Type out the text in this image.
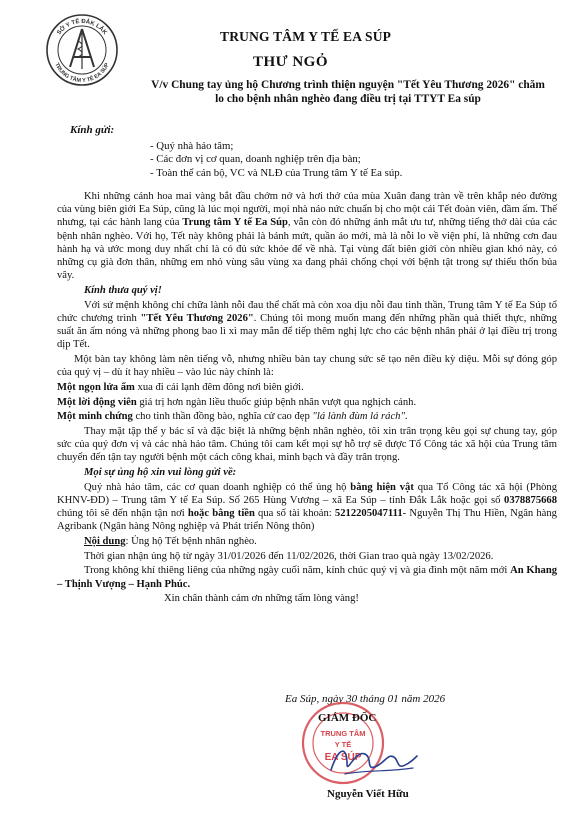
SỞ Y TẾ ĐẮK LẮK
TRUNG TÂM Y TẾ EA SÚP
TRUNG TÂM Y TẾ EA SÚP
THƯ NGỎ
V/v Chung tay ủng hộ Chương trình thiện nguyện "Tết Yêu Thương 2026" chăm lo cho bệnh nhân nghèo đang điều trị tại TTYT Ea súp
Kính gửi:
- Quý nhà hảo tâm;
- Các đơn vị cơ quan, doanh nghiệp trên địa bàn;
- Toàn thể cán bộ, VC và NLĐ của Trung tâm Y tế Ea súp.

Khi những cánh hoa mai vàng bắt đầu chớm nở và hơi thở của mùa Xuân đang tràn về trên khắp nẻo đường của vùng biên giới Ea Súp, cũng là lúc mọi người, mọi nhà náo nức chuẩn bị cho một cái Tết đoàn viên, đầm ấm. Thế nhưng, tại các hành lang của Trung tâm Y tế Ea Súp, vẫn còn đó những ánh mắt ưu tư, những tiếng thở dài của các bệnh nhân nghèo. Với họ, Tết này không phải là bánh mứt, quần áo mới, mà là nỗi lo về viện phí, là những cơn đau hành hạ và ước mong duy nhất chỉ là có đủ sức khỏe để về nhà. Tại vùng đất biên giới còn nhiều gian khó này, có những cụ già đơn thân, những em nhỏ vùng sâu vùng xa đang phải chống chọi với bệnh tật trong sự thiếu thốn bủa vây.

Kính thưa quý vị!

Với sứ mệnh không chỉ chữa lành nỗi đau thể chất mà còn xoa dịu nỗi đau tinh thần, Trung tâm Y tế Ea Súp tổ chức chương trình "Tết Yêu Thương 2026". Chúng tôi mong muốn mang đến những phần quà thiết thực, những suất ăn ấm nóng và những phong bao lì xì may mắn để tiếp thêm nghị lực cho các bệnh nhân phải ở lại điều trị trong dịp Tết.

Một bàn tay không làm nên tiếng vỗ, nhưng nhiều bàn tay chung sức sẽ tạo nên điều kỳ diệu. Mỗi sự đóng góp của quý vị – dù ít hay nhiều – vào lúc này chính là:

Một ngọn lửa ấm xua đi cái lạnh đêm đông nơi biên giới.

Một lời động viên giá trị hơn ngàn liều thuốc giúp bệnh nhân vượt qua nghịch cảnh.

Một minh chứng cho tinh thần đồng bào, nghĩa cử cao đẹp "lá lành đùm lá rách".

Thay mặt tập thể y bác sĩ và đặc biệt là những bệnh nhân nghèo, tôi xin trân trọng kêu gọi sự chung tay, góp sức của quý đơn vị và các nhà hảo tâm. Chúng tôi cam kết mọi sự hỗ trợ sẽ được Tổ Công tác xã hội của Trung tâm chuyển đến tận tay người bệnh một cách công khai, minh bạch và đầy trân trọng.

Mọi sự ủng hộ xin vui lòng gửi về:

Quý nhà hảo tâm, các cơ quan doanh nghiệp có thể ủng hộ bằng hiện vật qua Tổ Công tác xã hội (Phòng KHNV-ĐD) – Trung tâm Y tế Ea Súp. Số 265 Hùng Vương – xã Ea Súp – tỉnh Đắk Lắk hoặc gọi số 0378875668 chúng tôi sẽ đến nhận tận nơi hoặc bằng tiền qua số tài khoản: 5212205047111- Nguyễn Thị Thu Hiền, Ngân hàng Agribank (Ngân hàng Nông nghiệp và Phát triển Nông thôn)

Nội dung: Ủng hộ Tết bệnh nhân nghèo.

Thời gian nhận ủng hộ từ ngày 31/01/2026 đến 11/02/2026, thời Gian trao quà ngày 13/02/2026.

Trong không khí thiêng liêng của những ngày cuối năm, kính chúc quý vị và gia đình một năm mới An Khang – Thịnh Vượng – Hạnh Phúc.

Xin chân thành cảm ơn những tấm lòng vàng!

Ea Súp, ngày 30 tháng 01 năm 2026
TRUNG TÂM
Y TẾ
EA SÚP
GIÁM ĐỐC
Nguyễn Viết Hữu
